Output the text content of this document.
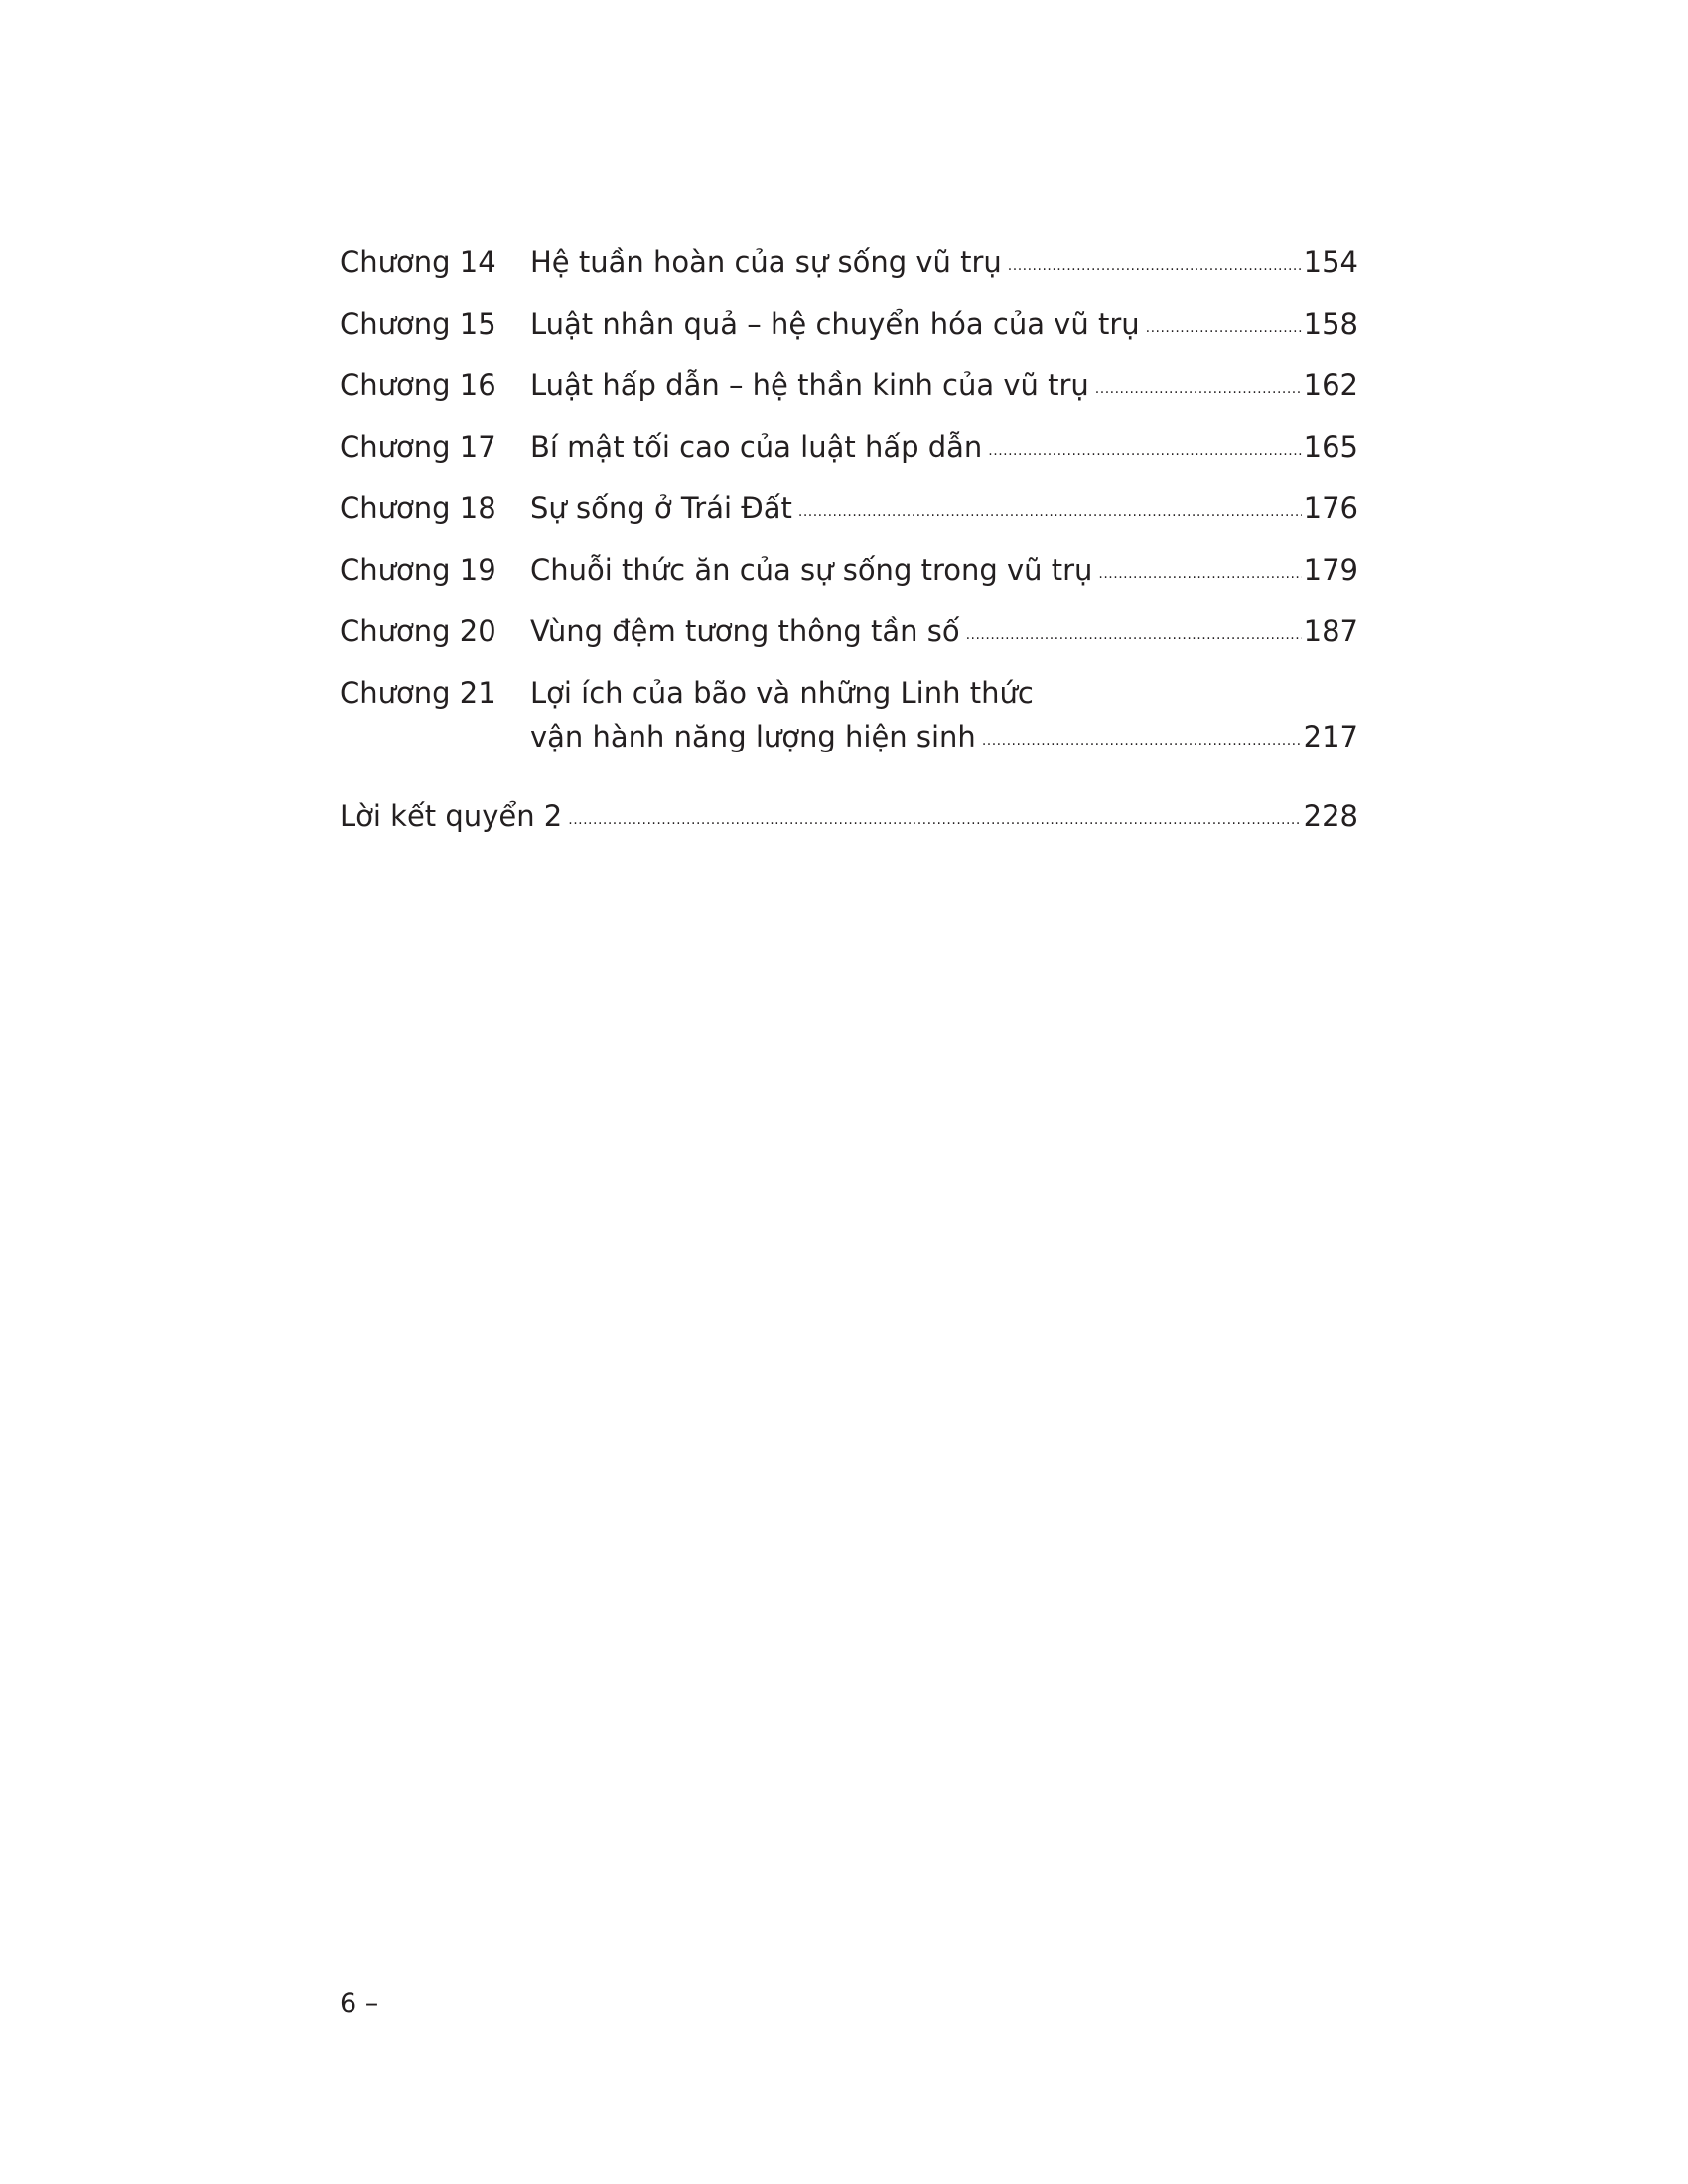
Chương 14	Hệ tuần hoàn của sự sống vũ trụ .....	154
Chương 15	Luật nhân quả – hệ chuyển hóa của vũ trụ .....	158
Chương 16	Luật hấp dẫn – hệ thần kinh của vũ trụ .....	162
Chương 17	Bí mật tối cao của luật hấp dẫn .....	165
Chương 18	Sự sống ở Trái Đất .....	176
Chương 19	Chuỗi thức ăn của sự sống trong vũ trụ .....	179
Chương 20	Vùng đệm tương thông tần số .....	187
Chương 21	Lợi ích của bão và những Linh thức
vận hành năng lượng hiện sinh .....	217
Lời kết quyển 2 .....	228
6 –
